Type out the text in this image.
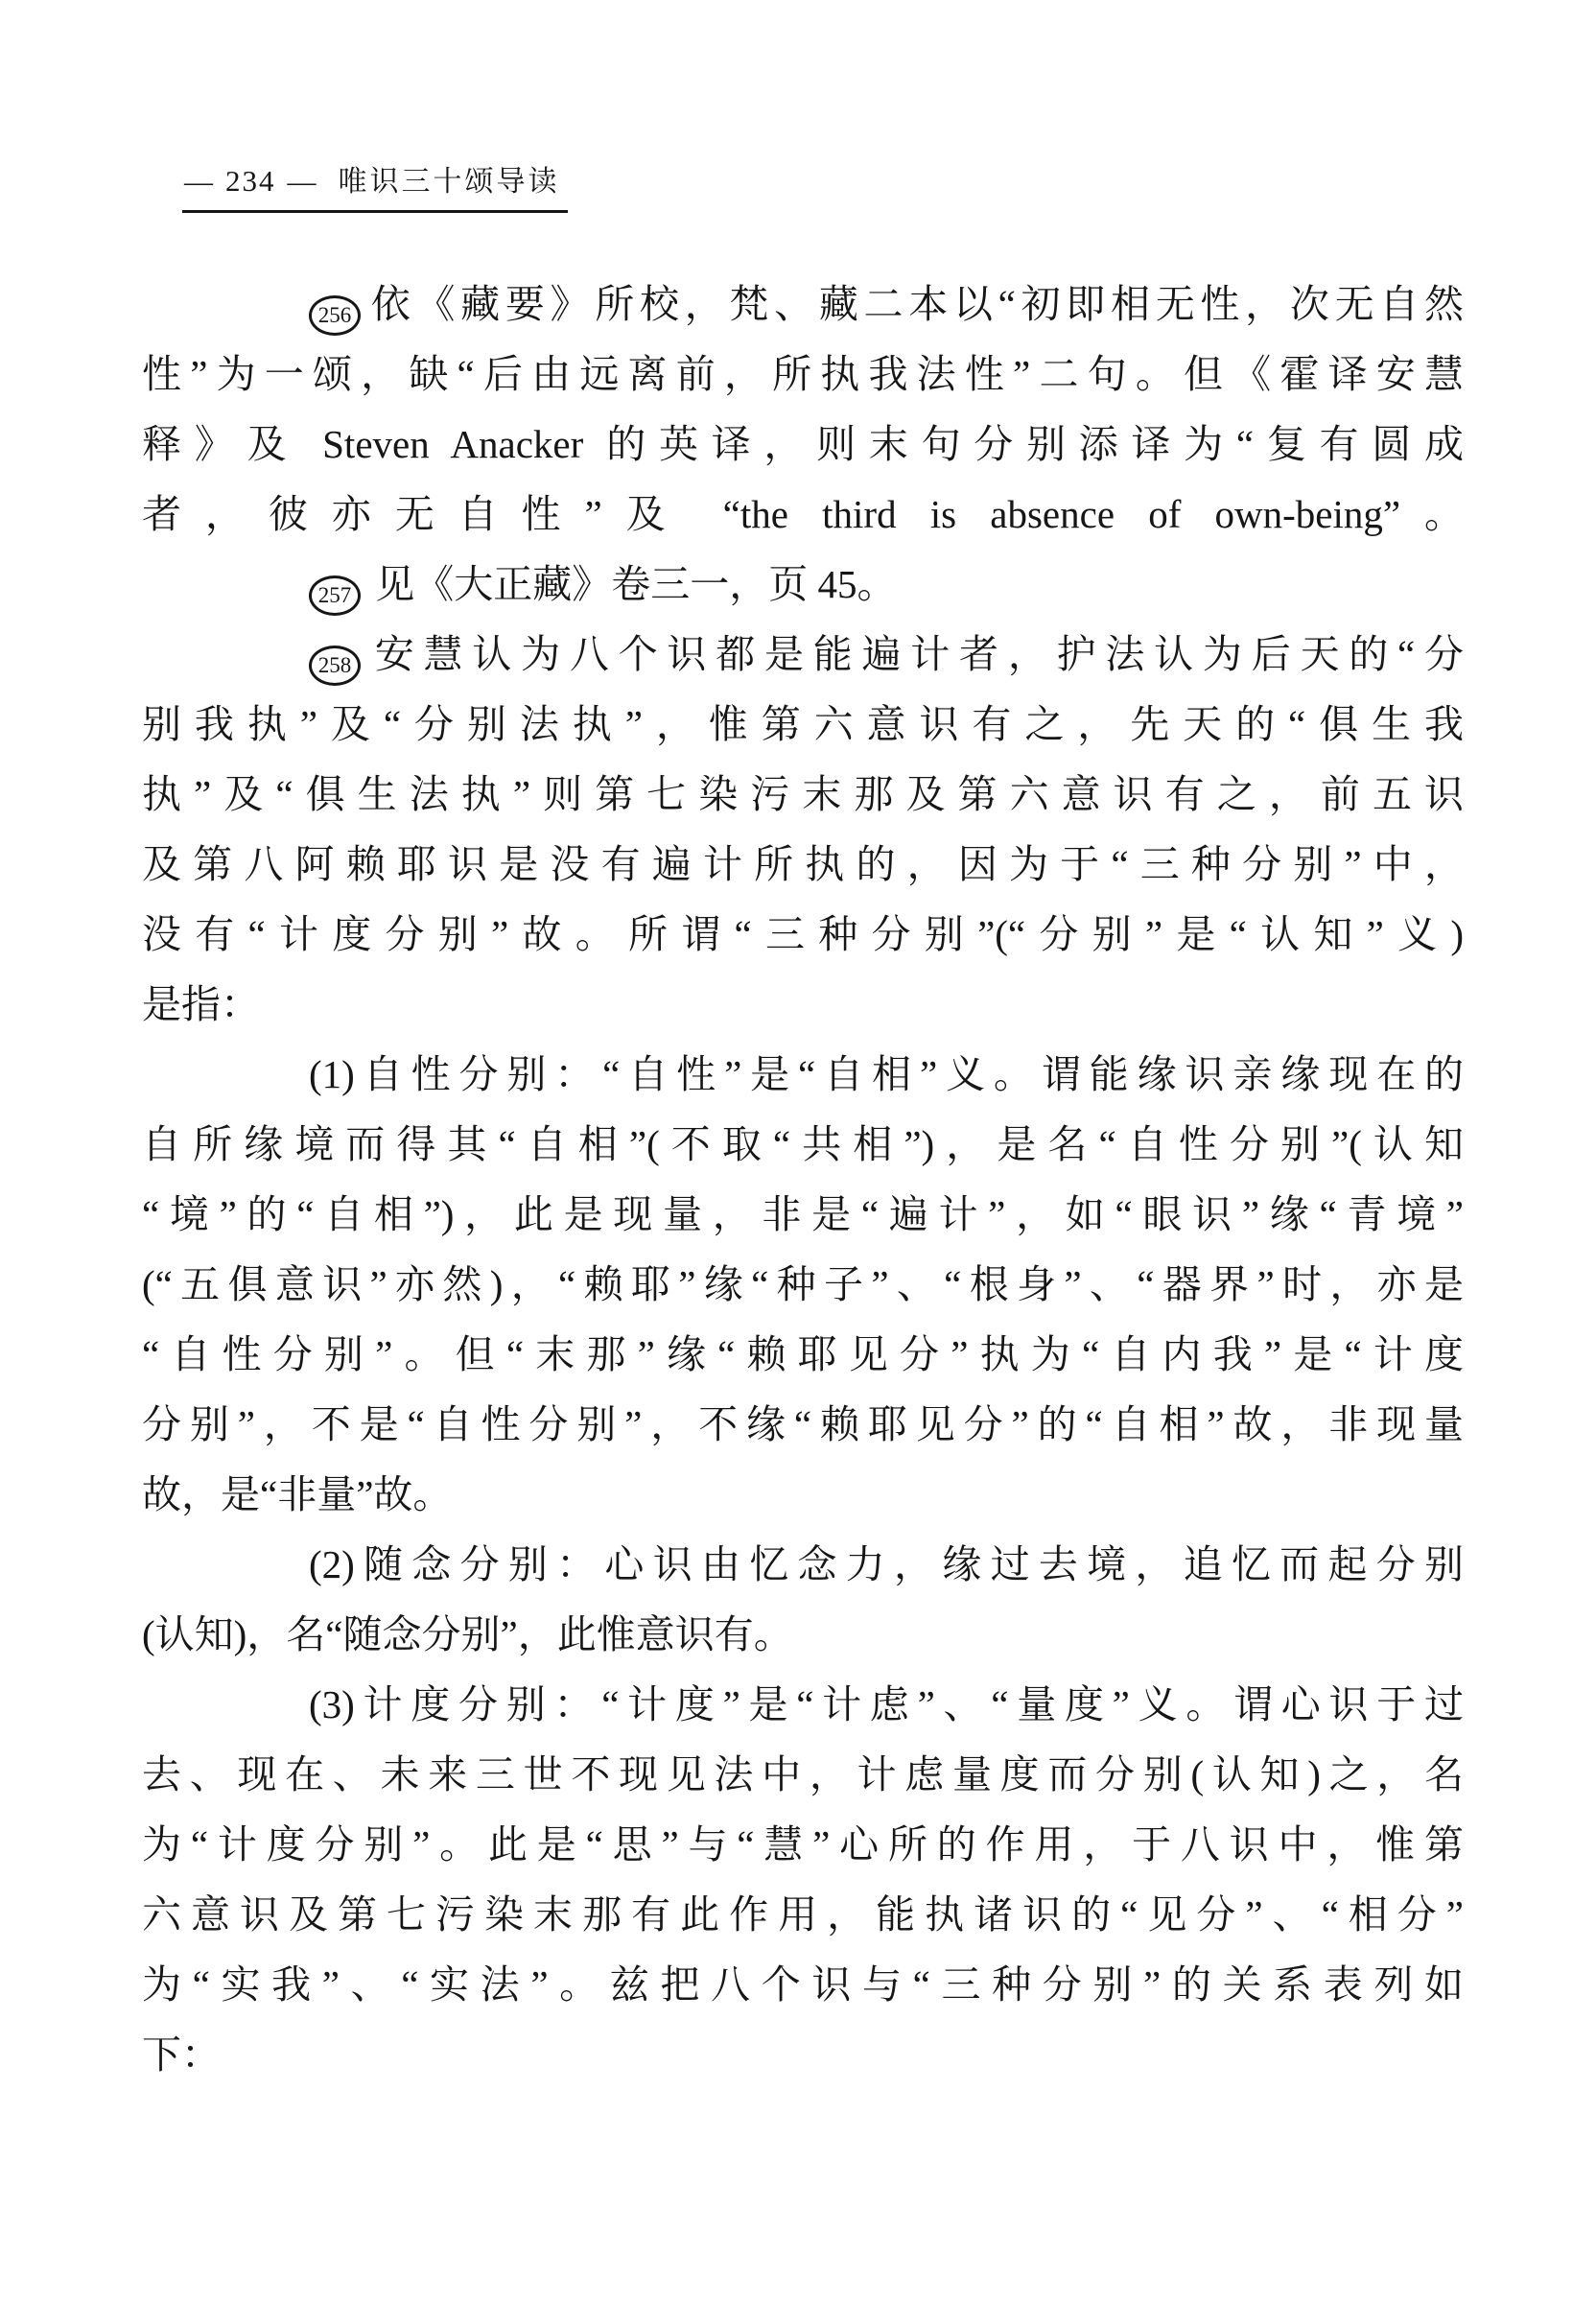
— 234 — 唯识三十颂导读
256 依《藏要》所校，梵、藏二本以“初即相无性，次无自然
性”为一颂，缺“后由远离前，所执我法性”二句。但《霍译安慧
释》及 Steven Anacker 的英译，则末句分别添译为“复有圆成
者，彼亦无自性”及 “the third is absence of own-being”。
257 见《大正藏》卷三一，页 45。
258 安慧认为八个识都是能遍计者，护法认为后天的“分
别我执”及“分别法执”，惟第六意识有之，先天的“俱生我
执”及“俱生法执”则第七染污末那及第六意识有之，前五识
及第八阿赖耶识是没有遍计所执的，因为于“三种分别”中，
没有“计度分别”故。所谓“三种分别”(“分别”是“认知”义)
是指：
(1)自性分别：“自性”是“自相”义。谓能缘识亲缘现在的
自所缘境而得其“自相”(不取“共相”)，是名“自性分别”(认知
“境”的“自相”)，此是现量，非是“遍计”，如“眼识”缘“青境”
(“五俱意识”亦然)，“赖耶”缘“种子”、“根身”、“器界”时，亦是
“自性分别”。但“末那”缘“赖耶见分”执为“自内我”是“计度
分别”，不是“自性分别”，不缘“赖耶见分”的“自相”故，非现量
故，是“非量”故。
(2)随念分别：心识由忆念力，缘过去境，追忆而起分别
(认知)，名“随念分别”，此惟意识有。
(3)计度分别：“计度”是“计虑”、“量度”义。谓心识于过
去、现在、未来三世不现见法中，计虑量度而分别(认知)之，名
为“计度分别”。此是“思”与“慧”心所的作用，于八识中，惟第
六意识及第七污染末那有此作用，能执诸识的“见分”、“相分”
为“实我”、“实法”。兹把八个识与“三种分别”的关系表列如
下：
